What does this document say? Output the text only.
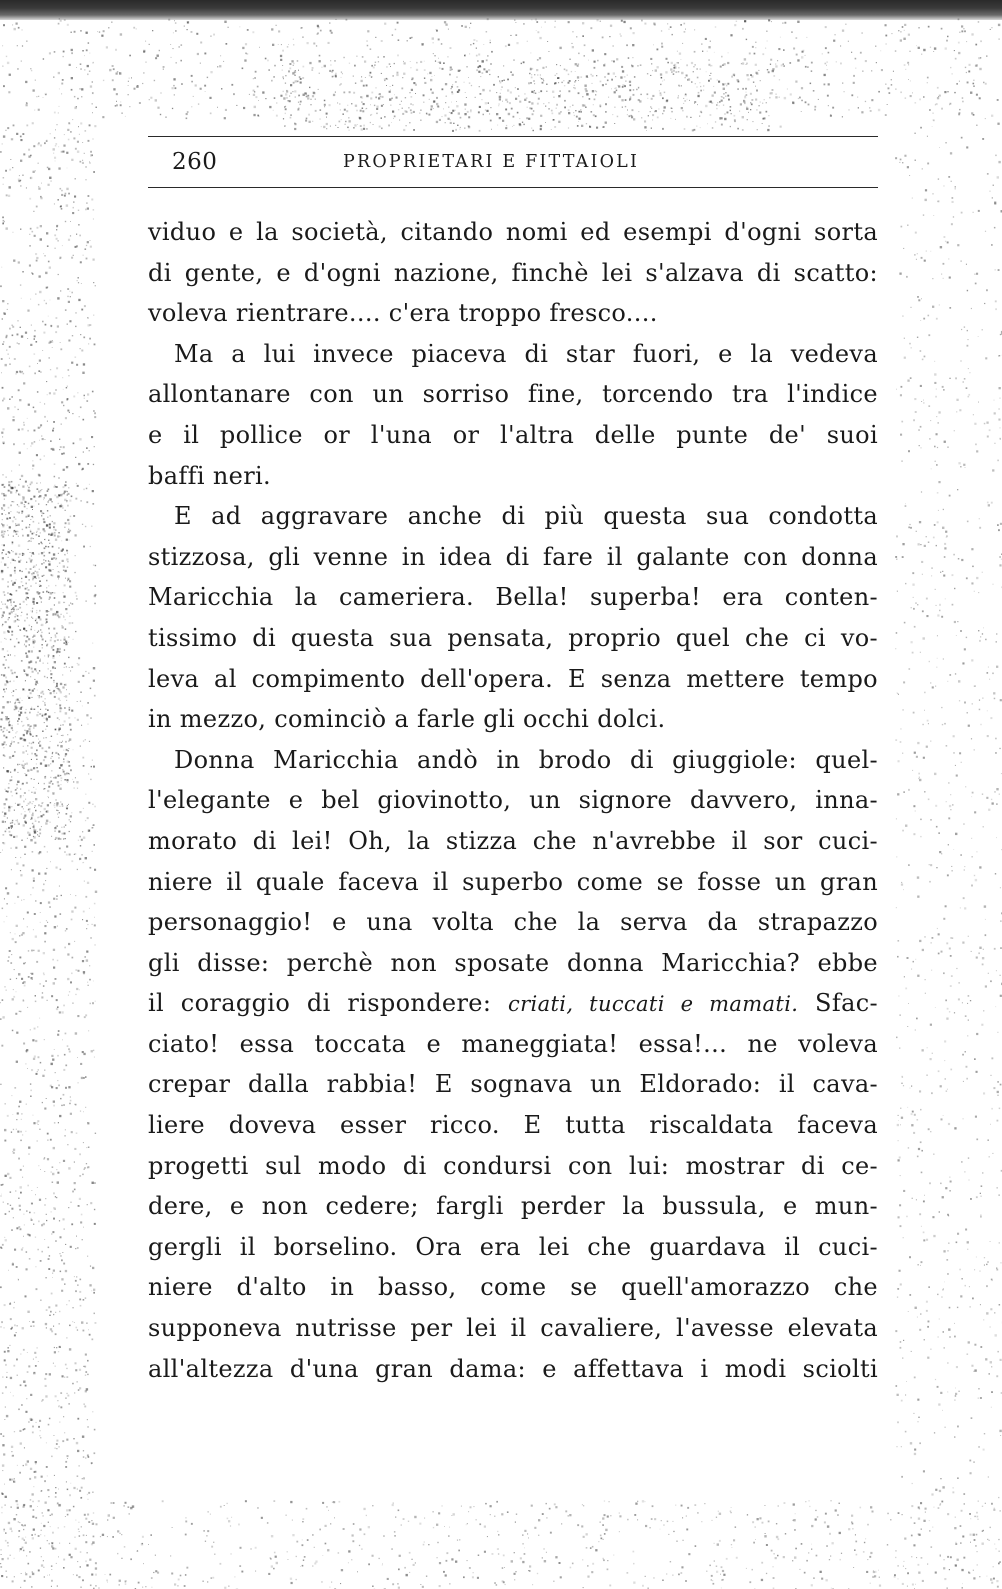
260	PROPRIETARI E FITTAIOLI
viduo e la società, citando nomi ed esempi d'ogni sorta
di gente, e d'ogni nazione, finchè lei s'alzava di scatto:
voleva rientrare.... c'era troppo fresco....
Ma a lui invece piaceva di star fuori, e la vedeva
allontanare con un sorriso fine, torcendo tra l'indice
e il pollice or l'una or l'altra delle punte de' suoi
baffi neri.
E ad aggravare anche di più questa sua condotta
stizzosa, gli venne in idea di fare il galante con donna
Maricchia la cameriera. Bella! superba! era conten-
tissimo di questa sua pensata, proprio quel che ci vo-
leva al compimento dell'opera. E senza mettere tempo
in mezzo, cominciò a farle gli occhi dolci.
Donna Maricchia andò in brodo di giuggiole: quel-
l'elegante e bel giovinotto, un signore davvero, inna-
morato di lei! Oh, la stizza che n'avrebbe il sor cuci-
niere il quale faceva il superbo come se fosse un gran
personaggio! e una volta che la serva da strapazzo
gli disse: perchè non sposate donna Maricchia? ebbe
il coraggio di rispondere: criati, tuccati e mamati. Sfac-
ciato! essa toccata e maneggiata! essa!... ne voleva
crepar dalla rabbia! E sognava un Eldorado: il cava-
liere doveva esser ricco. E tutta riscaldata faceva
progetti sul modo di condursi con lui: mostrar di ce-
dere, e non cedere; fargli perder la bussula, e mun-
gergli il borselino. Ora era lei che guardava il cuci-
niere d'alto in basso, come se quell'amorazzo che
supponeva nutrisse per lei il cavaliere, l'avesse elevata
all'altezza d'una gran dama: e affettava i modi sciolti
